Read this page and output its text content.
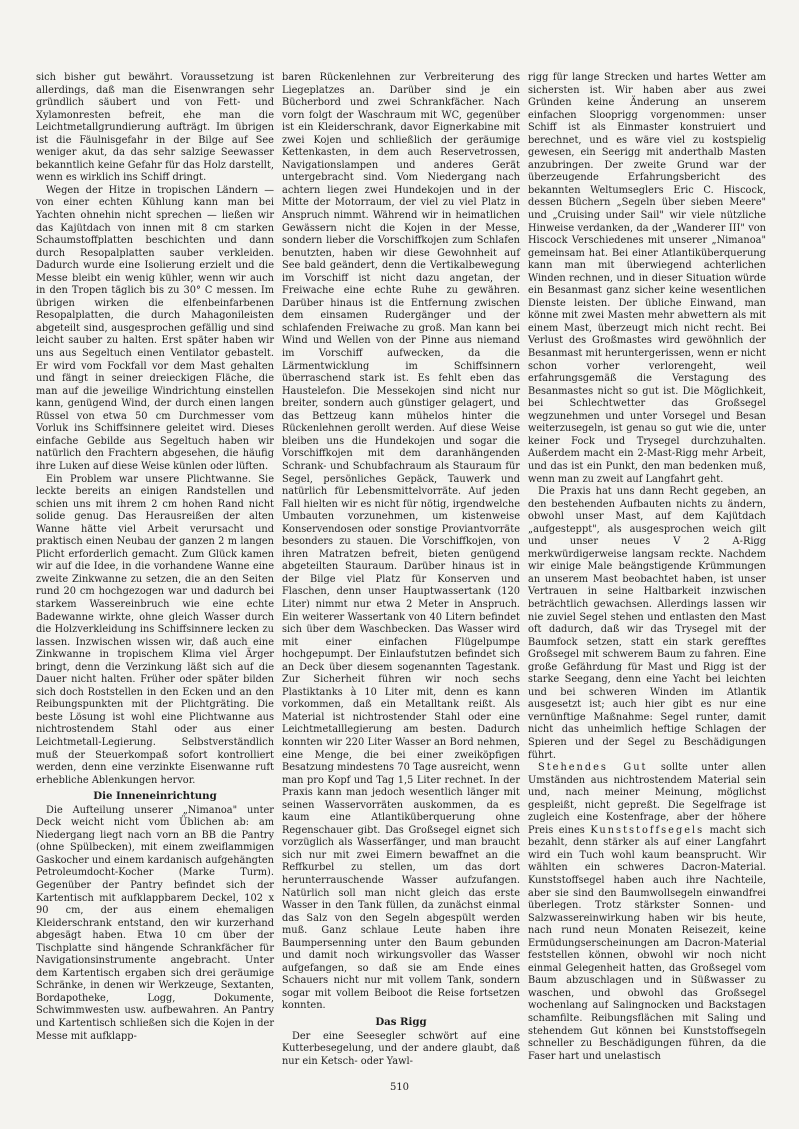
sich bisher gut bewährt. Voraussetzung ist allerdings, daß man die Eisenwrangen sehr gründlich säubert und von Fett- und Xylamonresten befreit, ehe man die Leichtmetallgrundierung aufträgt. Im übrigen ist die Fäulnisgefahr in der Bilge auf See weniger akut, da das sehr salzige Seewasser bekanntlich keine Gefahr für das Holz darstellt, wenn es wirklich ins Schiff dringt.

Wegen der Hitze in tropischen Ländern — von einer echten Kühlung kann man bei Yachten ohnehin nicht sprechen — ließen wir das Kajütdach von innen mit 8 cm starken Schaumstoffplatten beschichten und dann durch Resopalplatten sauber verkleiden. Dadurch wurde eine Isolierung erzielt und die Messe bleibt ein wenig kühler, wenn wir auch in den Tropen täglich bis zu 30° C messen. Im übrigen wirken die elfenbeinfarbenen Resopalplatten, die durch Mahagonileisten abgeteilt sind, ausgesprochen gefällig und sind leicht sauber zu halten. Erst später haben wir uns aus Segeltuch einen Ventilator gebastelt. Er wird vom Fockfall vor dem Mast gehalten und fängt in seiner dreieckigen Fläche, die man auf die jeweilige Windrichtung einstellen kann, genügend Wind, der durch einen langen Rüssel von etwa 50 cm Durchmesser vom Vorluk ins Schiffsinnere geleitet wird. Dieses einfache Gebilde aus Segeltuch haben wir natürlich den Frachtern abgesehen, die häufig ihre Luken auf diese Weise künlen oder lüften.

Ein Problem war unsere Plichtwanne. Sie leckte bereits an einigen Randstellen und schien uns mit ihrem 2 cm hohen Rand nicht solide genug. Das Herausreißen der alten Wanne hätte viel Arbeit verursacht und praktisch einen Neubau der ganzen 2 m langen Plicht erforderlich gemacht. Zum Glück kamen wir auf die Idee, in die vorhandene Wanne eine zweite Zinkwanne zu setzen, die an den Seiten rund 20 cm hochgezogen war und dadurch bei starkem Wassereinbruch wie eine echte Badewanne wirkte, ohne gleich Wasser durch die Holzverkleidung ins Schiffsinnere lecken zu lassen. Inzwischen wissen wir, daß auch eine Zinkwanne in tropischem Klima viel Ärger bringt, denn die Verzinkung läßt sich auf die Dauer nicht halten. Früher oder später bilden sich doch Roststellen in den Ecken und an den Reibungspunkten mit der Plichtgräting. Die beste Lösung ist wohl eine Plichtwanne aus nichtrostendem Stahl oder aus einer Leichtmetall-Legierung. Selbstverständlich muß der Steuerkompaß sofort kontrolliert werden, denn eine verzinkte Eisenwanne ruft erhebliche Ablenkungen hervor.

Die Inneneinrichtung

Die Aufteilung unserer „Nimanoa" unter Deck weicht nicht vom Üblichen ab: am Niedergang liegt nach vorn an BB die Pantry (ohne Spülbecken), mit einem zweiflammigen Gaskocher und einem kardanisch aufgehängten Petroleumdocht-Kocher (Marke Turm). Gegenüber der Pantry befindet sich der Kartentisch mit aufklappbarem Deckel, 102 x 90 cm, der aus einem ehemaligen Kleiderschrank entstand, den wir kurzerhand abgesägt haben. Etwa 10 cm über der Tischplatte sind hängende Schrankfächer für Navigationsinstrumente angebracht. Unter dem Kartentisch ergaben sich drei geräumige Schränke, in denen wir Werkzeuge, Sextanten, Bordapotheke, Logg, Dokumente, Schwimmwesten usw. aufbewahren. An Pantry und Kartentisch schließen sich die Kojen in der Messe mit aufklapp-

baren Rückenlehnen zur Verbreiterung des Liegeplatzes an. Darüber sind je ein Bücherbord und zwei Schrankfächer. Nach vorn folgt der Waschraum mit WC, gegenüber ist ein Kleiderschrank, davor Eignerkabine mit zwei Kojen und schließlich der geräumige Kettenkasten, in dem auch Reservetrossen, Navigationslampen und anderes Gerät untergebracht sind. Vom Niedergang nach achtern liegen zwei Hundekojen und in der Mitte der Motorraum, der viel zu viel Platz in Anspruch nimmt. Während wir in heimatlichen Gewässern nicht die Kojen in der Messe, sondern lieber die Vorschiffkojen zum Schlafen benutzten, haben wir diese Gewohnheit auf See bald geändert, denn die Vertikalbewegung im Vorschiff ist nicht dazu angetan, der Freiwache eine echte Ruhe zu gewähren. Darüber hinaus ist die Entfernung zwischen dem einsamen Rudergänger und der schlafenden Freiwache zu groß. Man kann bei Wind und Wellen von der Pinne aus niemand im Vorschiff aufwecken, da die Lärmentwicklung im Schiffsinnern überraschend stark ist. Es fehlt eben das Haustelefon. Die Messekojen sind nicht nur breiter, sondern auch günstiger gelagert, und das Bettzeug kann mühelos hinter die Rückenlehnen gerollt werden. Auf diese Weise bleiben uns die Hundekojen und sogar die Vorschiffkojen mit dem daranhängenden Schrank- und Schubfachraum als Stauraum für Segel, persönliches Gepäck, Tauwerk und natürlich für Lebensmittelvorräte. Auf jeden Fall hielten wir es nicht für nötig, irgendwelche Umbauten vorzunehmen, um kistenweise Konservendosen oder sonstige Proviantvorräte besonders zu stauen. Die Vorschiffkojen, von ihren Matratzen befreit, bieten genügend abgeteilten Stauraum. Darüber hinaus ist in der Bilge viel Platz für Konserven und Flaschen, denn unser Hauptwassertank (120 Liter) nimmt nur etwa 2 Meter in Anspruch. Ein weiterer Wassertank von 40 Litern befindet sich über dem Waschbecken. Das Wasser wird mit einer einfachen Flügelpumpe hochgepumpt. Der Einlaufstutzen befindet sich an Deck über diesem sogenannten Tagestank. Zur Sicherheit führen wir noch sechs Plastiktanks à 10 Liter mit, denn es kann vorkommen, daß ein Metalltank reißt. Als Material ist nichtrostender Stahl oder eine Leichtmetalllegierung am besten. Dadurch konnten wir 220 Liter Wasser an Bord nehmen, eine Menge, die bei einer zweiköpfigen Besatzung mindestens 70 Tage ausreicht, wenn man pro Kopf und Tag 1,5 Liter rechnet. In der Praxis kann man jedoch wesentlich länger mit seinen Wasservorräten auskommen, da es kaum eine Atlantiküberquerung ohne Regenschauer gibt. Das Großsegel eignet sich vorzüglich als Wasserfänger, und man braucht sich nur mit zwei Eimern bewaffnet an die Reffkurbel zu stellen, um das dort herunterrauschende Wasser aufzufangen. Natürlich soll man nicht gleich das erste Wasser in den Tank füllen, da zunächst einmal das Salz von den Segeln abgespült werden muß. Ganz schlaue Leute haben ihre Baumpersenning unter den Baum gebunden und damit noch wirkungsvoller das Wasser aufgefangen, so daß sie am Ende eines Schauers nicht nur mit vollem Tank, sondern sogar mit vollem Beiboot die Reise fortsetzen konnten.

Das Rigg

Der eine Seesegler schwört auf eine Kutterbesegelung, und der andere glaubt, daß nur ein Ketsch- oder Yawl-

rigg für lange Strecken und hartes Wetter am sichersten ist. Wir haben aber aus zwei Gründen keine Änderung an unserem einfachen Slooprigg vorgenommen: unser Schiff ist als Einmaster konstruiert und berechnet, und es wäre viel zu kostspielig gewesen, ein Seerigg mit anderthalb Masten anzubringen. Der zweite Grund war der überzeugende Erfahrungsbericht des bekannten Weltumseglers Eric C. Hiscock, dessen Büchern „Segeln über sieben Meere" und „Cruising under Sail" wir viele nützliche Hinweise verdanken, da der „Wanderer III" von Hiscock Verschiedenes mit unserer „Nimanoa" gemeinsam hat. Bei einer Atlantiküberquerung kann man mit überwiegend achterlichen Winden rechnen, und in dieser Situation würde ein Besanmast ganz sicher keine wesentlichen Dienste leisten. Der übliche Einwand, man könne mit zwei Masten mehr abwettern als mit einem Mast, überzeugt mich nicht recht. Bei Verlust des Großmastes wird gewöhnlich der Besanmast mit heruntergerissen, wenn er nicht schon vorher verlorengeht, weil erfahrungsgemäß die Verstagung des Besanmastes nicht so gut ist. Die Möglichkeit, bei Schlechtwetter das Großsegel wegzunehmen und unter Vorsegel und Besan weiterzusegeln, ist genau so gut wie die, unter keiner Fock und Trysegel durchzuhalten. Außerdem macht ein 2-Mast-Rigg mehr Arbeit, und das ist ein Punkt, den man bedenken muß, wenn man zu zweit auf Langfahrt geht.

Die Praxis hat uns dann Recht gegeben, an den bestehenden Aufbauten nichts zu ändern, obwohl unser Mast, auf dem Kajütdach „aufgesteppt", als ausgesprochen weich gilt und unser neues V 2 A-Rigg merkwürdigerweise langsam reckte. Nachdem wir einige Male beängstigende Krümmungen an unserem Mast beobachtet haben, ist unser Vertrauen in seine Haltbarkeit inzwischen beträchtlich gewachsen. Allerdings lassen wir nie zuviel Segel stehen und entlasten den Mast oft dadurch, daß wir das Trysegel mit der Baumfock setzen, statt ein stark gerefftes Großsegel mit schwerem Baum zu fahren. Eine große Gefährdung für Mast und Rigg ist der starke Seegang, denn eine Yacht bei leichten und bei schweren Winden im Atlantik ausgesetzt ist; auch hier gibt es nur eine vernünftige Maßnahme: Segel runter, damit nicht das unheimlich heftige Schlagen der Spieren und der Segel zu Beschädigungen führt.

Stehendes Gut sollte unter allen Umständen aus nichtrostendem Material sein und, nach meiner Meinung, möglichst gespleißt, nicht gepreßt. Die Segelfrage ist zugleich eine Kostenfrage, aber der höhere Preis eines Kunststoffsegels macht sich bezahlt, denn stärker als auf einer Langfahrt wird ein Tuch wohl kaum beansprucht. Wir wählten ein schweres Dacron-Material. Kunststoffsegel haben auch ihre Nachteile, aber sie sind den Baumwollsegeln einwandfrei überlegen. Trotz stärkster Sonnen- und Salzwassereinwirkung haben wir bis heute, nach rund neun Monaten Reisezeit, keine Ermüdungserscheinungen am Dacron-Material feststellen können, obwohl wir noch nicht einmal Gelegenheit hatten, das Großsegel vom Baum abzuschlagen und in Süßwasser zu waschen, und obwohl das Großsegel wochenlang auf Salingnocken und Backstagen schamfilte. Reibungsflächen mit Saling und stehendem Gut können bei Kunststoffsegeln schneller zu Beschädigungen führen, da die Faser hart und unelastisch

510
